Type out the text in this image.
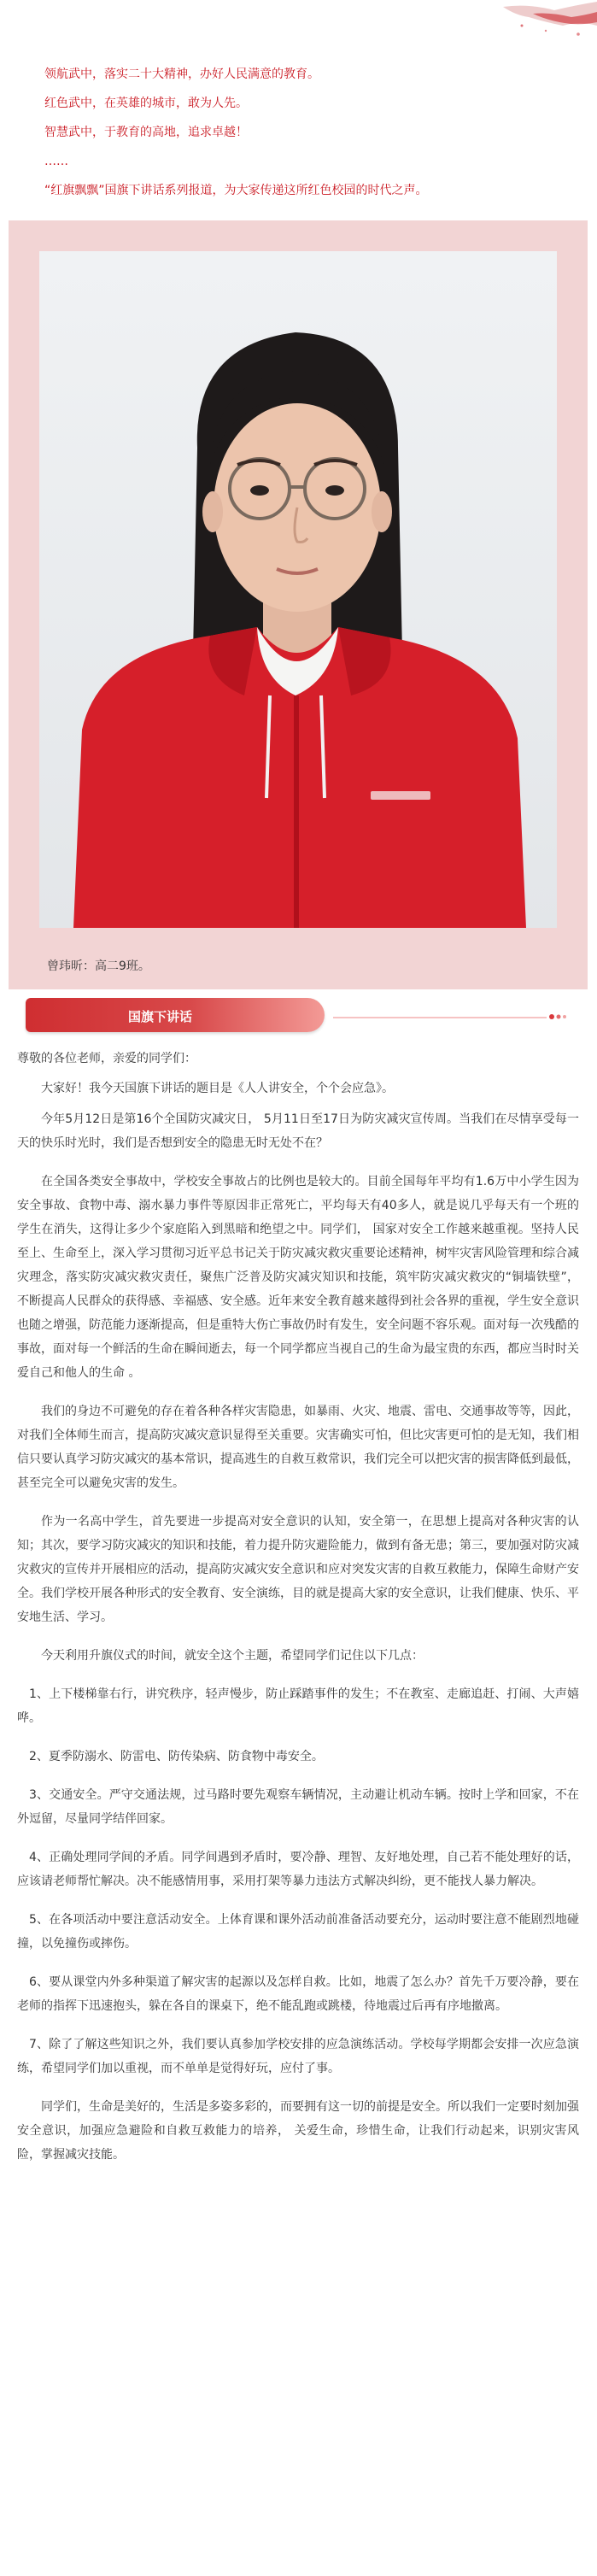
领航武中，落实二十大精神，办好人民满意的教育。

红色武中，在英雄的城市，敢为人先。

智慧武中，于教育的高地，追求卓越！

……

“红旗飘飘”国旗下讲话系列报道，为大家传递这所红色校园的时代之声。

曾玮昕：高二9班。
国旗下讲话

尊敬的各位老师，亲爱的同学们：

大家好！我今天国旗下讲话的题目是《人人讲安全，个个会应急》。

今年5月12日是第16个全国防灾减灾日， 5月11日至17日为防灾减灾宣传周。当我们在尽情享受每一天的快乐时光时，我们是否想到安全的隐患无时无处不在？

在全国各类安全事故中，学校安全事故占的比例也是较大的。目前全国每年平均有1.6万中小学生因为安全事故、食物中毒、溺水暴力事件等原因非正常死亡，平均每天有40多人，就是说几乎每天有一个班的学生在消失，这得让多少个家庭陷入到黑暗和绝望之中。同学们， 国家对安全工作越来越重视。坚持人民至上、生命至上，深入学习贯彻习近平总书记关于防灾减灾救灾重要论述精神，树牢灾害风险管理和综合减灾理念，落实防灾减灾救灾责任，聚焦广泛普及防灾减灾知识和技能，筑牢防灾减灾救灾的“铜墙铁壁”，不断提高人民群众的获得感、幸福感、安全感。近年来安全教育越来越得到社会各界的重视，学生安全意识也随之增强，防范能力逐渐提高，但是重特大伤亡事故仍时有发生，安全问题不容乐观。面对每一次残酷的事故，面对每一个鲜活的生命在瞬间逝去，每一个同学都应当视自己的生命为最宝贵的东西，都应当时时关爱自己和他人的生命 。

我们的身边不可避免的存在着各种各样灾害隐患，如暴雨、火灾、地震、雷电、交通事故等等，因此，对我们全体师生而言，提高防灾减灾意识显得至关重要。灾害确实可怕，但比灾害更可怕的是无知，我们相信只要认真学习防灾减灾的基本常识，提高逃生的自救互救常识，我们完全可以把灾害的损害降低到最低，甚至完全可以避免灾害的发生。

作为一名高中学生，首先要进一步提高对安全意识的认知，安全第一，在思想上提高对各种灾害的认知；其次，要学习防灾减灾的知识和技能，着力提升防灾避险能力，做到有备无患；第三，要加强对防灾减灾救灾的宣传并开展相应的活动，提高防灾减灾安全意识和应对突发灾害的自救互救能力，保障生命财产安全。我们学校开展各种形式的安全教育、安全演练，目的就是提高大家的安全意识，让我们健康、快乐、平安地生活、学习。

今天利用升旗仪式的时间，就安全这个主题，希望同学们记住以下几点：

1、上下楼梯靠右行，讲究秩序，轻声慢步，防止踩踏事件的发生；不在教室、走廊追赶、打闹、大声嬉哗。

2、夏季防溺水、防雷电、防传染病、防食物中毒安全。

3、交通安全。严守交通法规，过马路时要先观察车辆情况，主动避让机动车辆。按时上学和回家，不在外逗留，尽量同学结伴回家。

4、正确处理同学间的矛盾。同学间遇到矛盾时，要冷静、理智、友好地处理，自己若不能处理好的话，应该请老师帮忙解决。决不能感情用事，采用打架等暴力违法方式解决纠纷，更不能找人暴力解决。

5、在各项活动中要注意活动安全。上体育课和课外活动前准备活动要充分，运动时要注意不能剧烈地碰撞，以免撞伤或摔伤。

6、要从课堂内外多种渠道了解灾害的起源以及怎样自救。比如，地震了怎么办？首先千万要冷静，要在老师的指挥下迅速抱头，躲在各自的课桌下，绝不能乱跑或跳楼，待地震过后再有序地撤离。

7、除了了解这些知识之外，我们要认真参加学校安排的应急演练活动。学校每学期都会安排一次应急演练，希望同学们加以重视，而不单单是觉得好玩，应付了事。

同学们，生命是美好的，生活是多姿多彩的，而要拥有这一切的前提是安全。所以我们一定要时刻加强安全意识，加强应急避险和自救互救能力的培养， 关爱生命，珍惜生命，让我们行动起来，识别灾害风险，掌握减灾技能。
